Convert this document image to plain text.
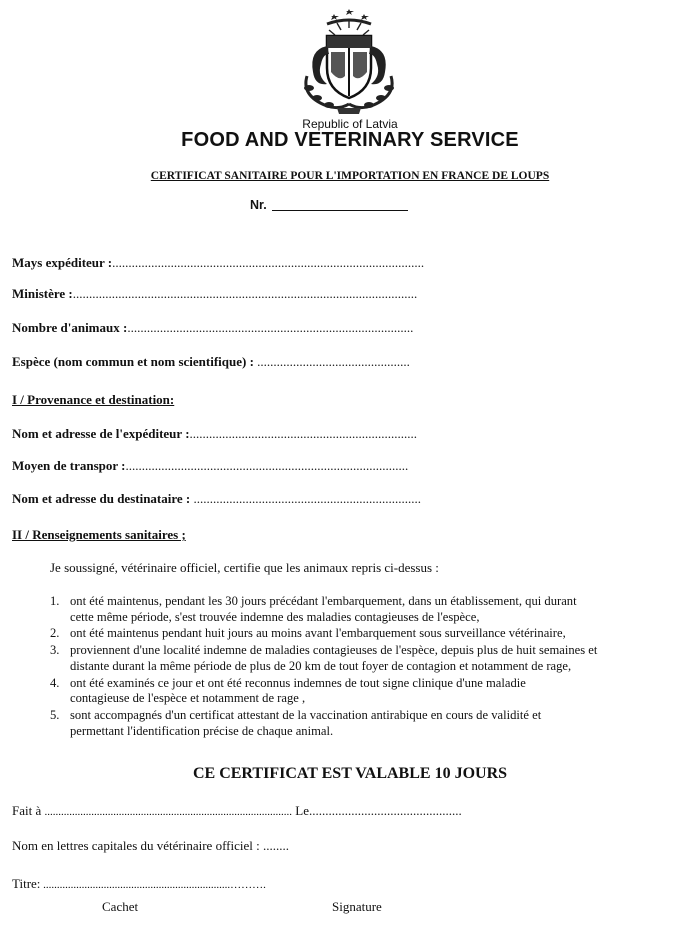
Republic of Latvia
FOOD AND VETERINARY SERVICE
CERTIFICAT SANITAIRE POUR L'IMPORTATION EN FRANCE DE LOUPS
Nr.
Mays expéditeur :................................................................................................
Ministère :..........................................................................................................
Nombre d'animaux :........................................................................................
Espèce (nom commun et nom scientifique) : ...............................................
I / Provenance et destination:
Nom et adresse de l'expéditeur :......................................................................
Moyen de transpor :.......................................................................................
Nom et adresse du destinataire : ......................................................................
II / Renseignements sanitaires ;
Je soussigné, vétérinaire officiel, certifie que les animaux repris ci-dessus :
1. ont été maintenus, pendant les 30 jours précédant l'embarquement, dans un établissement, qui durant
cette même période, s'est trouvée indemne des maladies contagieuses de l'espèce,
2. ont été maintenus pendant huit jours au moins avant l'embarquement sous surveillance vétérinaire,
3. proviennent d'une localité indemne de maladies contagieuses de l'espèce, depuis plus de huit semaines et
distante durant la même période de plus de 20 km de tout foyer de contagion et notamment de rage,
4. ont été examinés ce jour et ont été reconnus indemnes de tout signe clinique d'une maladie
contagieuse de l'espèce et notamment de rage ,
5. sont accompagnés d'un certificat attestant de la vaccination antirabique en cours de validité et
permettant l'identification précise de chaque animal.
CE CERTIFICAT EST VALABLE 10 JOURS
Fait à .......................................................................................... Le...............................................
Nom en lettres capitales du vétérinaire officiel : ........
Titre: ....................................................................……….
Cachet	Signature
